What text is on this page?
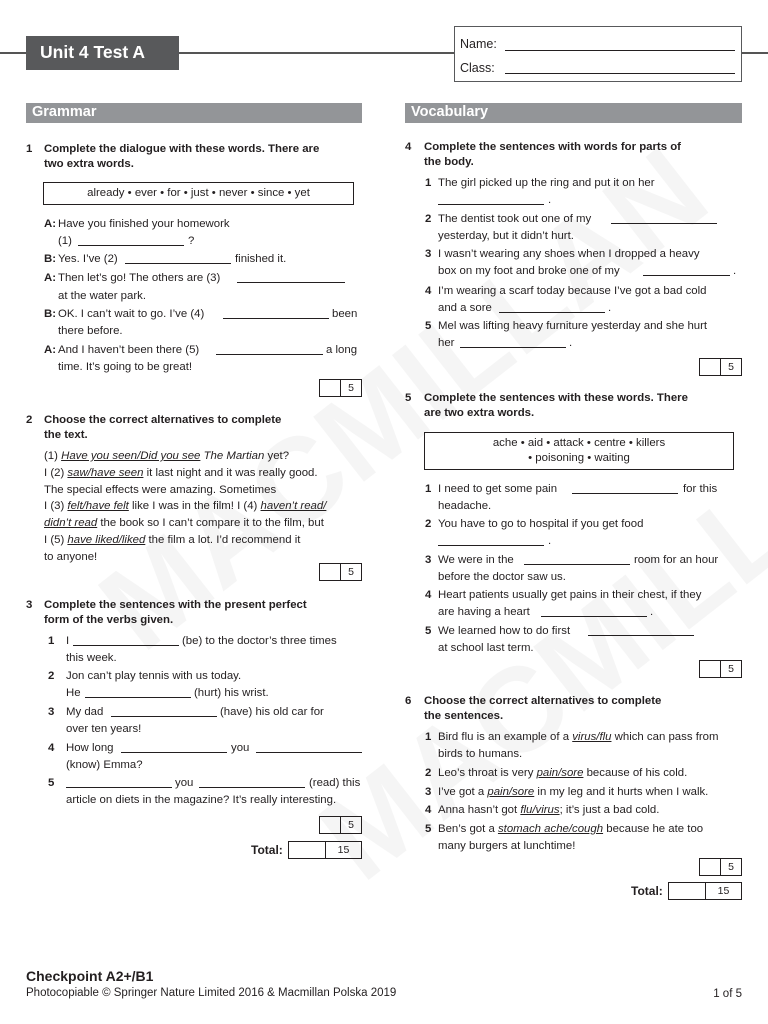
Unit 4 Test A	Name:
Class:
Grammar	Vocabulary
1 Complete the dialogue with these words. There are
two extra words.
already • ever • for • just • never • since • yet
A: Have you finished your homework
(1)	?
B: Yes. I’ve (2)	finished it.
A: Then let’s go! The others are (3)
at the water park.
B: OK. I can’t wait to go. I’ve (4)	been
there before.
A: And I haven’t been there (5)	a long
time. It’s going to be great!
5
2 Choose the correct alternatives to complete
the text.
(1) Have you seen/Did you see The Martian yet?
I (2) saw/have seen it last night and it was really good.
The special effects were amazing. Sometimes
I (3) felt/have felt like I was in the film! I (4) haven’t read/
didn’t read the book so I can’t compare it to the film, but
I (5) have liked/liked the film a lot. I’d recommend it
to anyone!
5
3 Complete the sentences with the present perfect
form of the verbs given.
1 I	(be) to the doctor’s three times
this week.
2 Jon can’t play tennis with us today.
He	(hurt) his wrist.
3 My dad	(have) his old car for
over ten years!
4 How long	you
(know) Emma?
5	you	(read) this
article on diets in the magazine? It’s really interesting.
5
Total:	15
4 Complete the sentences with words for parts of
the body.
1 The girl picked up the ring and put it on her
.
2 The dentist took out one of my
yesterday, but it didn’t hurt.
3 I wasn’t wearing any shoes when I dropped a heavy
box on my foot and broke one of my	.
4 I’m wearing a scarf today because I’ve got a bad cold
and a sore	.
5 Mel was lifting heavy furniture yesterday and she hurt
her	.
5
5 Complete the sentences with these words. There
are two extra words.
ache • aid • attack • centre • killers
• poisoning • waiting
1 I need to get some pain	for this
headache.
2 You have to go to hospital if you get food
.
3 We were in the	room for an hour
before the doctor saw us.
4 Heart patients usually get pains in their chest, if they
are having a heart	.
5 We learned how to do first
at school last term.
5
6 Choose the correct alternatives to complete
the sentences.
1 Bird flu is an example of a virus/flu which can pass from
birds to humans.
2 Leo’s throat is very pain/sore because of his cold.
3 I’ve got a pain/sore in my leg and it hurts when I walk.
4 Anna hasn’t got flu/virus; it’s just a bad cold.
5 Ben’s got a stomach ache/cough because he ate too
many burgers at lunchtime!
5
Total:	15
Checkpoint A2+/B1
Photocopiable © Springer Nature Limited 2016 & Macmillan Polska 2019	1 of 5
